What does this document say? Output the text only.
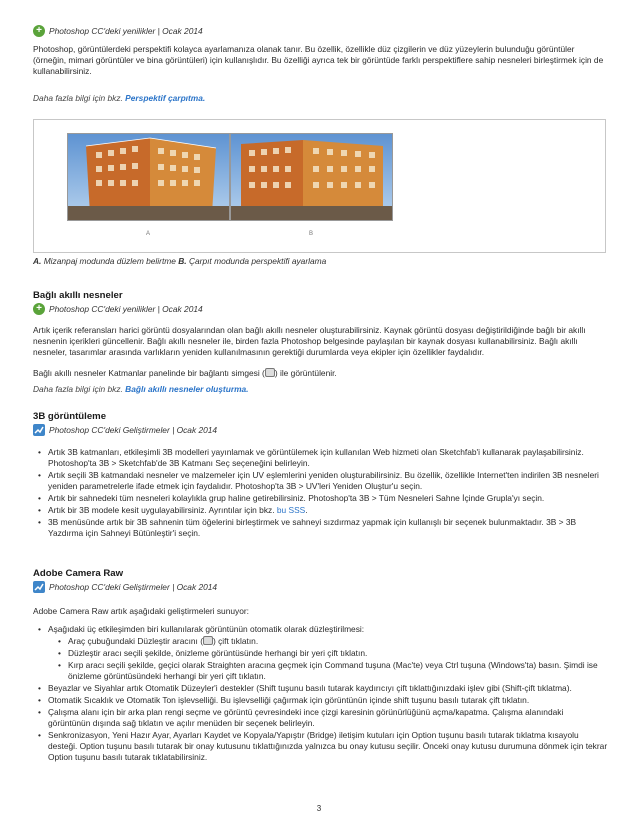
+ Photoshop CC'deki yenilikler | Ocak 2014
Photoshop, görüntülerdeki perspektifi kolayca ayarlamanıza olanak tanır. Bu özellik, özellikle düz çizgilerin ve düz yüzeylerin bulunduğu görüntüler (örneğin, mimari görüntüler ve bina görüntüleri) için kullanışlıdır. Bu özelliği ayrıca tek bir görüntüde farklı perspektiflere sahip nesneleri birleştirmek için de kullanabilirsiniz.
Daha fazla bilgi için bkz. Perspektif çarpıtma.
A	B
A. Mizanpaj modunda düzlem belirtme B. Çarpıt modunda perspektifi ayarlama
Bağlı akıllı nesneler
+ Photoshop CC'deki yenilikler | Ocak 2014
Artık içerik referansları harici görüntü dosyalarından olan bağlı akıllı nesneler oluşturabilirsiniz. Kaynak görüntü dosyası değiştirildiğinde bağlı bir akıllı nesnenin içerikleri güncellenir. Bağlı akıllı nesneler ile, birden fazla Photoshop belgesinde paylaşılan bir kaynak dosyası kullanabilirsiniz. Bağlı akıllı nesneler, tasarımlar arasında varlıkların yeniden kullanılmasının gerektiği durumlarda veya ekipler için özellikler faydalıdır.
Bağlı akıllı nesneler Katmanlar panelinde bir bağlantı simgesi ( ) ile görüntülenir.
Daha fazla bilgi için bkz. Bağlı akıllı nesneler oluşturma.
3B görüntüleme
Photoshop CC'deki Geliştirmeler | Ocak 2014
• Artık 3B katmanları, etkileşimli 3B modelleri yayınlamak ve görüntülemek için kullanılan Web hizmeti olan Sketchfab'i kullanarak paylaşabilirsiniz. Photoshop'ta 3B > Sketchfab'de 3B Katmanı Seç seçeneğini belirleyin.
• Artık seçili 3B katmandaki nesneler ve malzemeler için UV eşlemlerini yeniden oluşturabilirsiniz. Bu özellik, özellikle Internet'ten indirilen 3B nesneleri yeniden parametrelerle ifade etmek için faydalıdır. Photoshop'ta 3B > UV'leri Yeniden Oluştur'u seçin.
• Artık bir sahnedeki tüm nesneleri kolaylıkla grup haline getirebilirsiniz. Photoshop'ta 3B > Tüm Nesneleri Sahne İçinde Grupla'yı seçin.
• Artık bir 3B modele kesit uygulayabilirsiniz. Ayrıntılar için bkz. bu SSS.
• 3B menüsünde artık bir 3B sahnenin tüm öğelerini birleştirmek ve sahneyi sızdırmaz yapmak için kullanışlı bir seçenek bulunmaktadır. 3B > 3B Yazdırma için Sahneyi Bütünleştir'i seçin.
Adobe Camera Raw
Photoshop CC'deki Geliştirmeler | Ocak 2014
Adobe Camera Raw artık aşağıdaki geliştirmeleri sunuyor:
• Aşağıdaki üç etkileşimden biri kullanılarak görüntünün otomatik olarak düzleştirilmesi:
• Araç çubuğundaki Düzleştir aracını ( ) çift tıklatın.
• Düzleştir aracı seçili şekilde, önizleme görüntüsünde herhangi bir yeri çift tıklatın.
• Kırp aracı seçili şekilde, geçici olarak Straighten aracına geçmek için Command tuşuna (Mac'te) veya Ctrl tuşuna (Windows'ta) basın. Şimdi ise önizleme görüntüsündeki herhangi bir yeri çift tıklatın.
• Beyazlar ve Siyahlar artık Otomatik Düzeyler'i destekler (Shift tuşunu basılı tutarak kaydırıcıyı çift tıklattığınızdaki işlev gibi (Shift-çift tıklatma).
• Otomatik Sıcaklık ve Otomatik Ton işlevselliği. Bu işlevselliği çağırmak için görüntünün içinde shift tuşunu basılı tutarak çift tıklatın.
• Çalışma alanı için bir arka plan rengi seçme ve görüntü çevresindeki ince çizgi karesinin görünürlüğünü açma/kapatma. Çalışma alanındaki görüntünün dışında sağ tıklatın ve açılır menüden bir seçenek belirleyin.
• Senkronizasyon, Yeni Hazır Ayar, Ayarları Kaydet ve Kopyala/Yapıştır (Bridge) iletişim kutuları için Option tuşunu basılı tutarak tıklatma kısayolu desteği. Option tuşunu basılı tutarak bir onay kutusunu tıklattığınızda yalnızca bu onay kutusu seçilir. Önceki onay kutusu durumuna dönmek için tekrar Option tuşunu basılı tutarak tıklatabilirsiniz.
3
